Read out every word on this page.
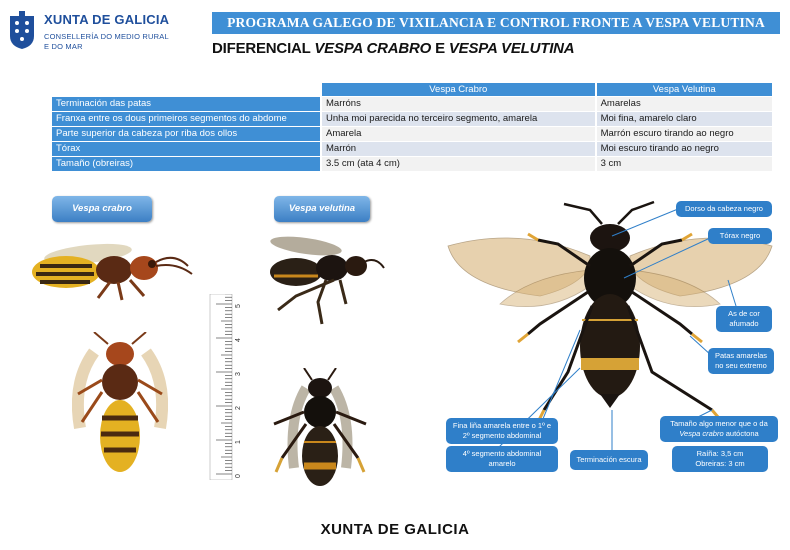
XUNTA DE GALICIA
CONSELLERÍA DO MEDIO RURAL
E DO MAR
PROGRAMA GALEGO DE VIXILANCIA E CONTROL FRONTE A VESPA VELUTINA
DIFERENCIAL VESPA CRABRO E VESPA VELUTINA
	Vespa Crabro	Vespa Velutina
Terminación das patas	Marróns	Amarelas
Franxa entre os dous primeiros segmentos do abdome	Unha moi parecida no terceiro segmento, amarela	Moi fina, amarelo claro
Parte superior da cabeza por riba dos ollos	Amarela	Marrón escuro tirando ao negro
Tórax	Marrón	Moi escuro tirando ao negro
Tamaño (obreiras)	3.5 cm (ata 4 cm)	3 cm
Vespa crabro	Vespa velutina
0
1
2
3
4
5
Dorso da cabeza negro
Tórax negro
As de cor afumado
Patas amarelas no seu extremo
Fina liña amarela entre o 1º e 2º segmento abdominal
4º segmento abdominal amarelo	Terminación escura
Tamaño algo menor que o da Vespa crabro autóctona
Raíña: 3,5 cm
Obreiras: 3 cm
XUNTA DE GALICIA
